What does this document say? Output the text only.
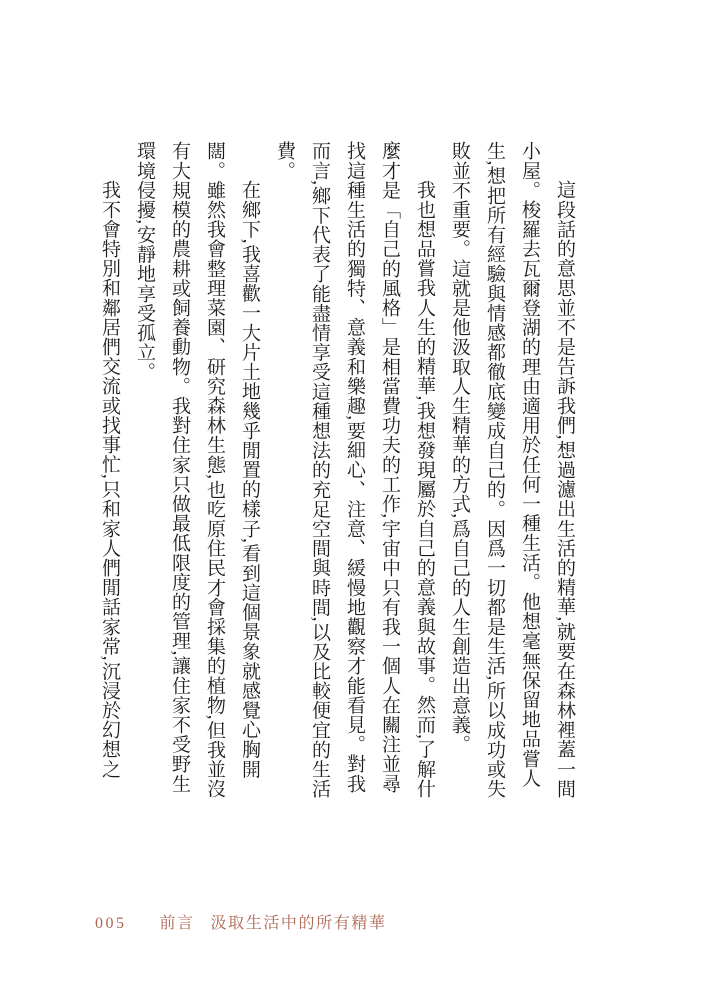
這段話的意思並不是告訴我們,想過濾出生活的精華,就要在森林裡蓋一間小屋。梭羅去瓦爾登湖的理由適用於任何一種生活。他想毫無保留地品嘗人生,想把所有經驗與情感都徹底變成自己的。因爲一切都是生活,所以成功或失敗並不重要。這就是他汲取人生精華的方式,爲自己的人生創造出意義。

我也想品嘗我人生的精華,我想發現屬於自己的意義與故事。然而,了解什麼才是「自己的風格」是相當費功夫的工作,宇宙中只有我一個人在關注並尋找這種生活的獨特、意義和樂趣,要細心、注意、緩慢地觀察才能看見。對我而言,鄉下代表了能盡情享受這種想法的充足空間與時間,以及比較便宜的生活費。

在鄉下,我喜歡一大片土地幾乎閒置的樣子,看到這個景象就感覺心胸開闊。雖然我會整理菜園、研究森林生態,也吃原住民才會採集的植物,但我並沒有大規模的農耕或飼養動物。我對住家只做最低限度的管理,讓住家不受野生環境侵擾,安靜地享受孤立。

我不會特別和鄰居們交流或找事忙,只和家人們閒話家常,沉浸於幻想之

005 前言 汲取生活中的所有精華
